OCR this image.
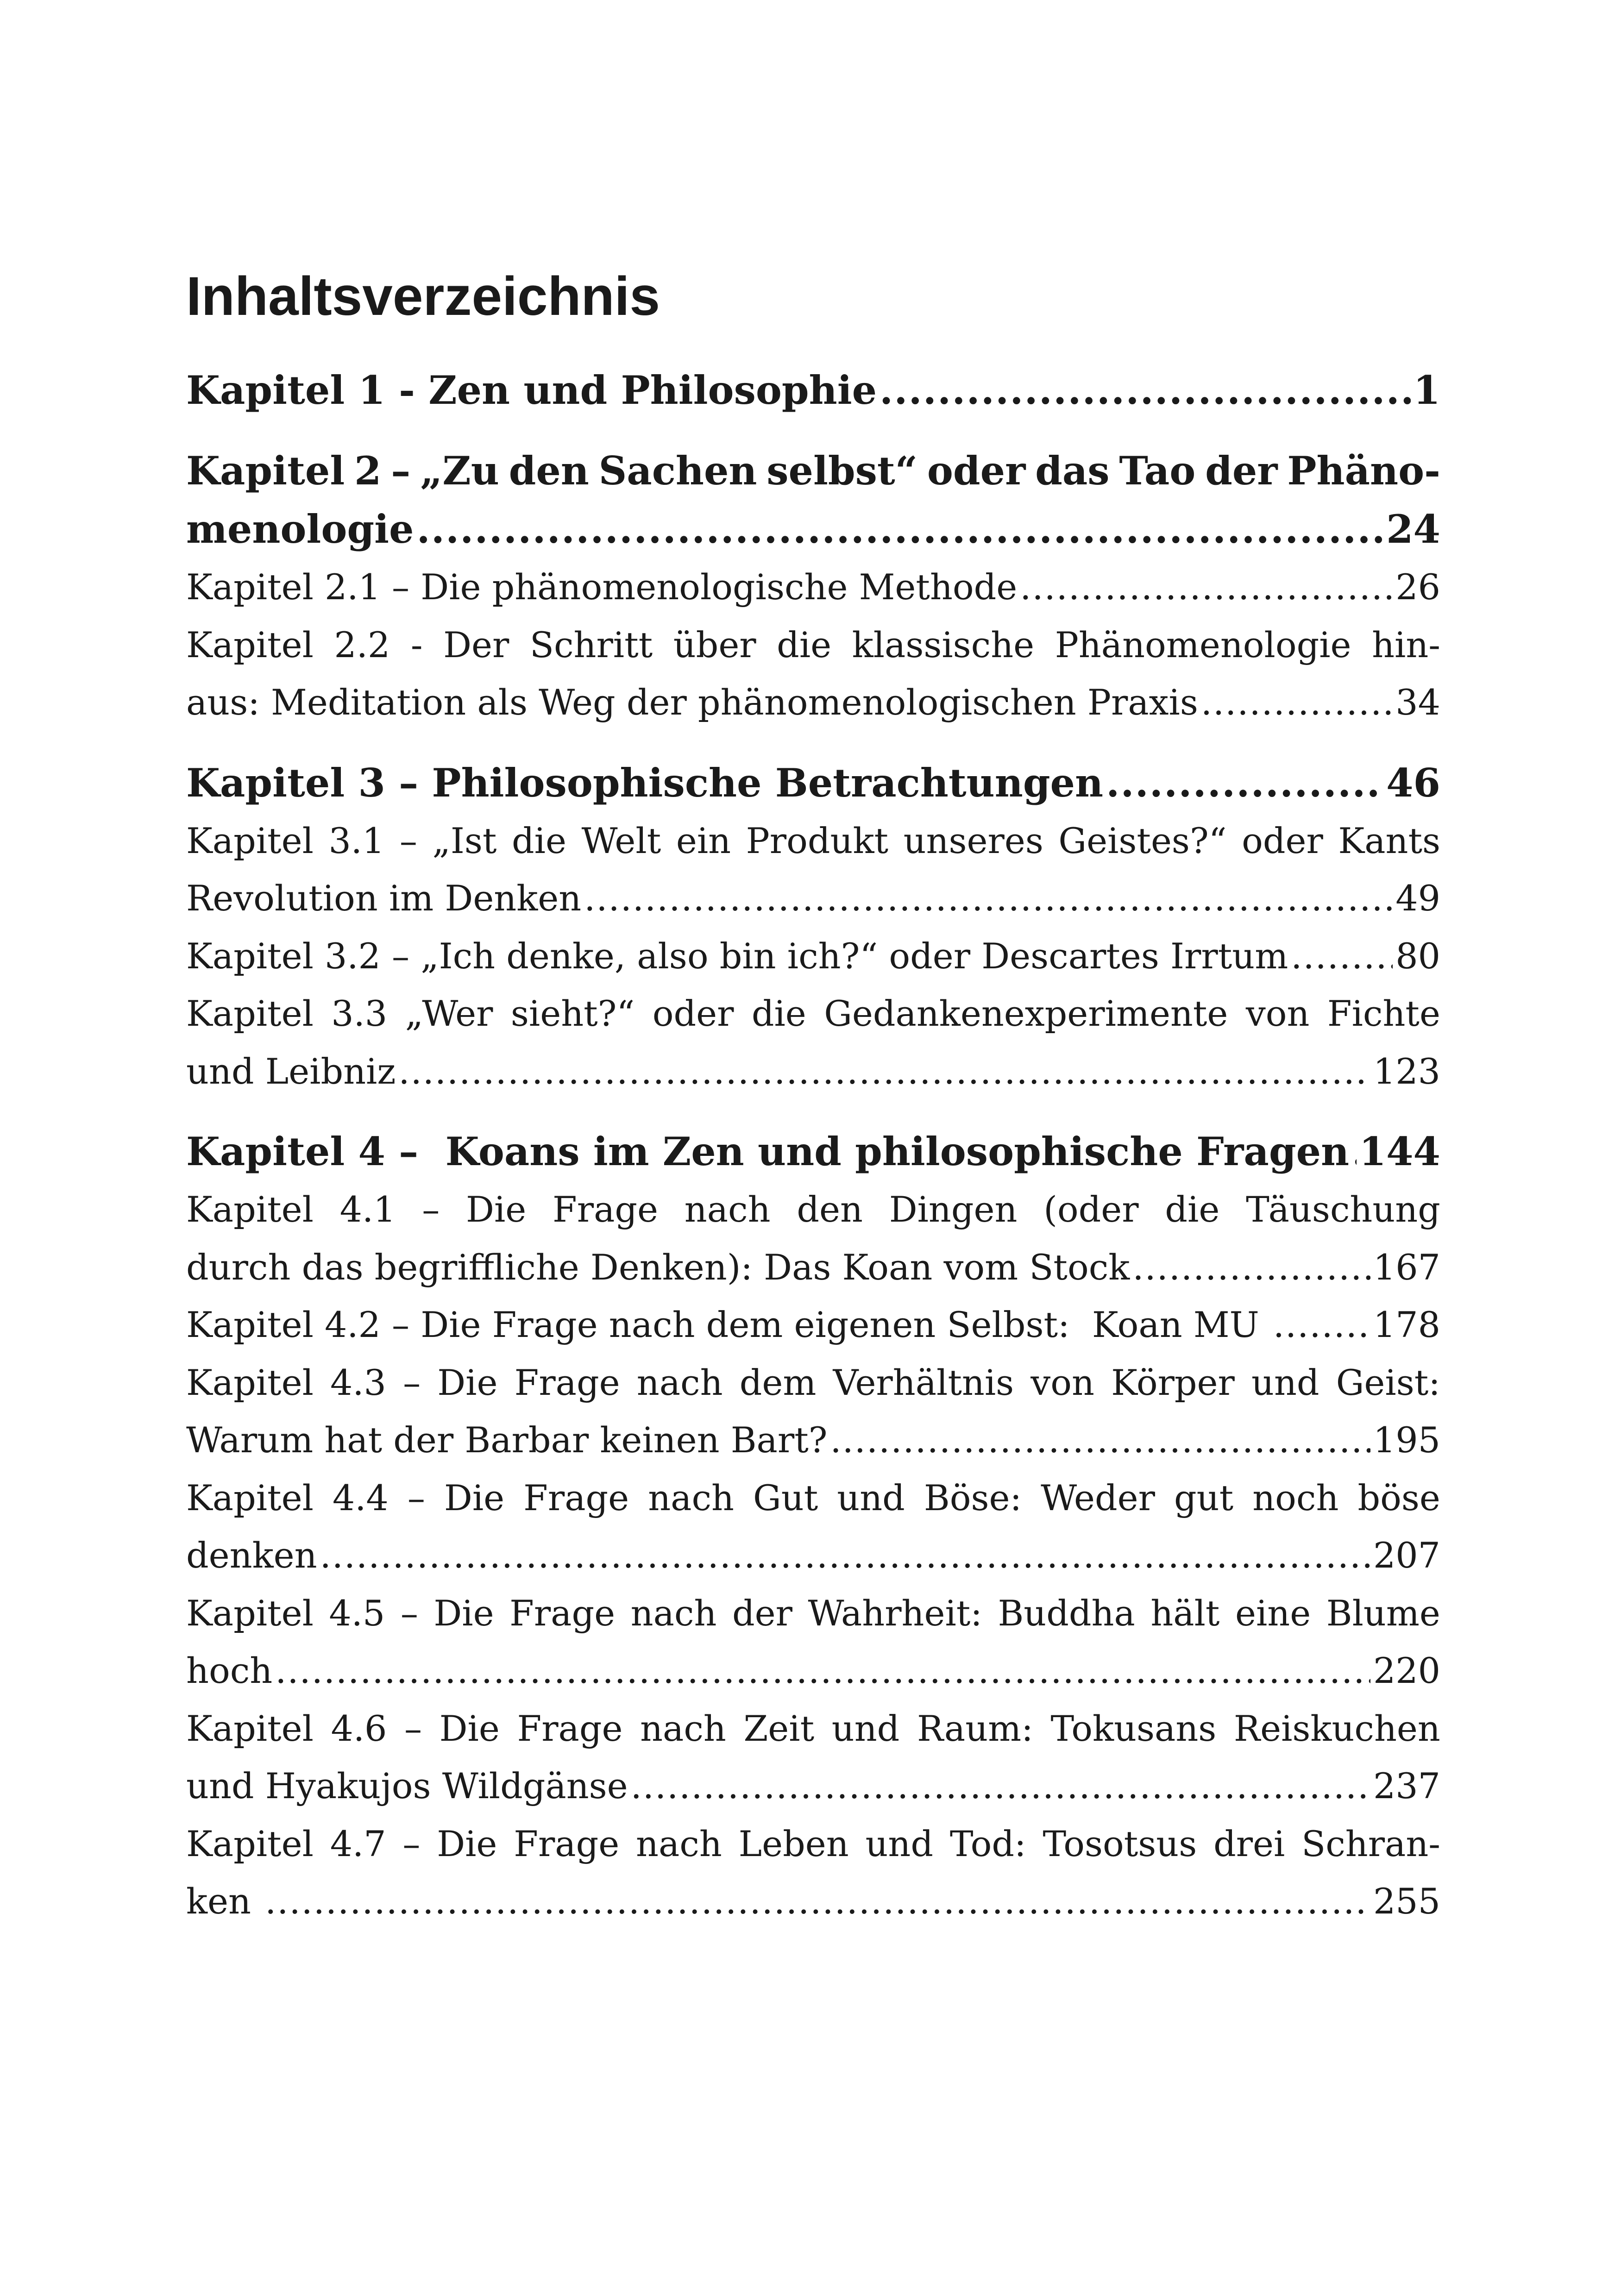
Inhaltsverzeichnis
Kapitel 1 - Zen und Philosophie .....	1
Kapitel 2 – „Zu den Sachen selbst“ oder das Tao der Phäno-
menologie .....	24
Kapitel 2.1 – Die phänomenologische Methode .....	26
Kapitel 2.2 - Der Schritt über die klassische Phänomenologie hin-
aus: Meditation als Weg der phänomenologischen Praxis .....	34
Kapitel 3 – Philosophische Betrachtungen .....	46
Kapitel 3.1 – „Ist die Welt ein Produkt unseres Geistes?“ oder Kants
Revolution im Denken .....	49
Kapitel 3.2 – „Ich denke, also bin ich?“ oder Descartes Irrtum .....	80
Kapitel 3.3 „Wer sieht?“ oder die Gedankenexperimente von Fichte
und Leibniz .....	123
Kapitel 4 –  Koans im Zen und philosophische Fragen ..... 144
Kapitel 4.1 – Die Frage nach den Dingen (oder die Täuschung
durch das begriffliche Denken): Das Koan vom Stock .....	167
Kapitel 4.2 – Die Frage nach dem eigenen Selbst:  Koan MU .....	178
Kapitel 4.3 – Die Frage nach dem Verhältnis von Körper und Geist:
Warum hat der Barbar keinen Bart? .....	195
Kapitel 4.4 – Die Frage nach Gut und Böse: Weder gut noch böse
denken .....	207
Kapitel 4.5 – Die Frage nach der Wahrheit: Buddha hält eine Blume
hoch .....	220
Kapitel 4.6 – Die Frage nach Zeit und Raum: Tokusans Reiskuchen
und Hyakujos Wildgänse .....	237
Kapitel 4.7 – Die Frage nach Leben und Tod: Tosotsus drei Schran-
ken .....	255
